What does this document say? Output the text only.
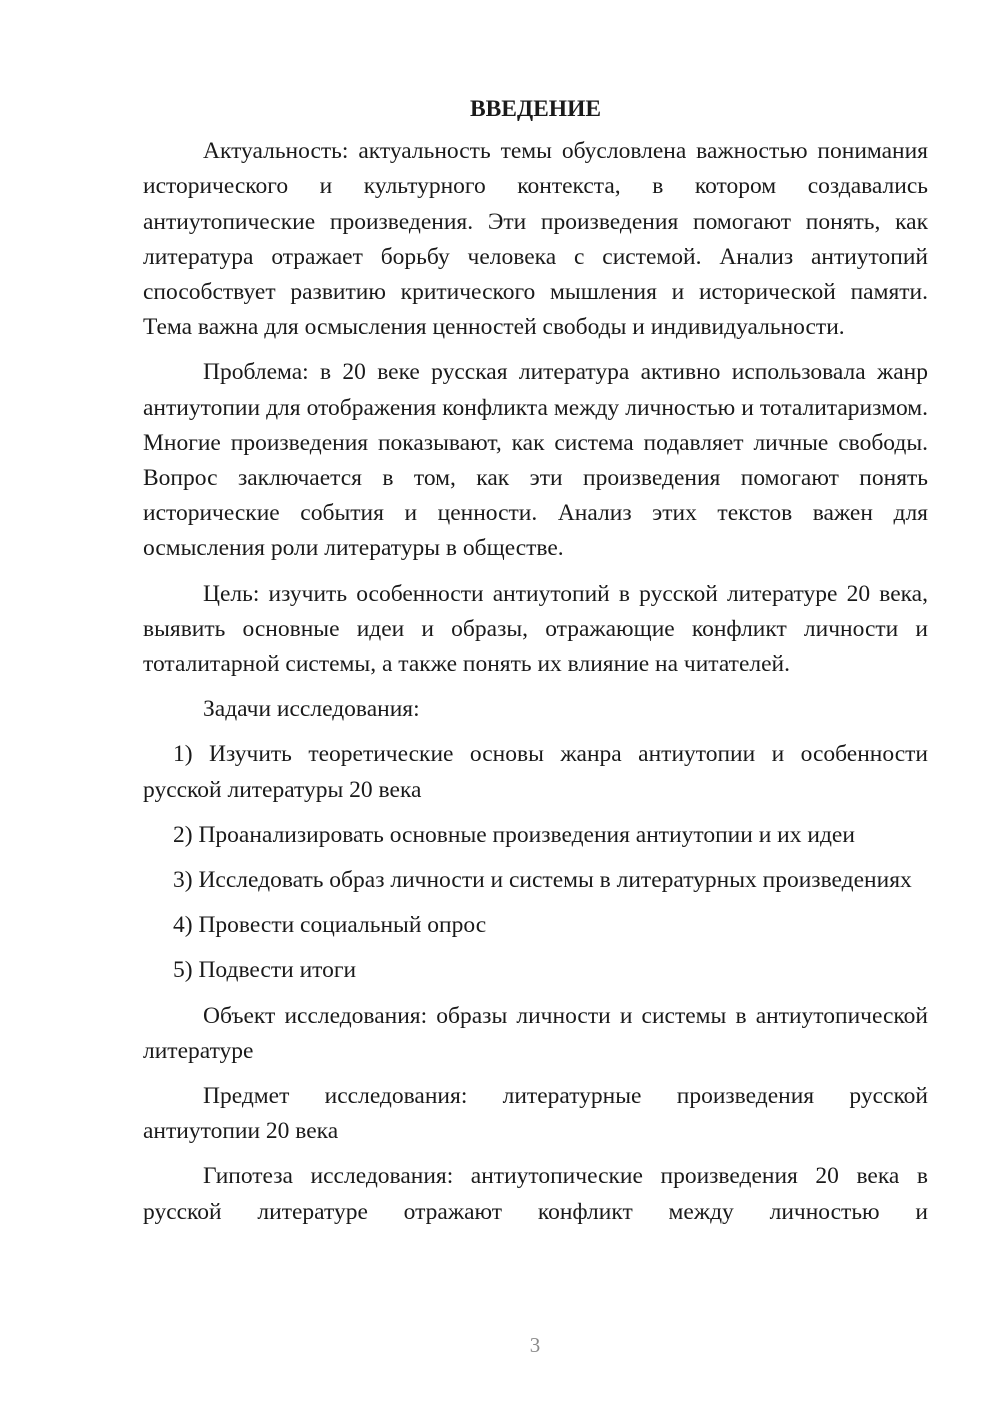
ВВЕДЕНИЕ

Актуальность: актуальность темы обусловлена важностью понимания исторического и культурного контекста, в котором создавались антиутопические произведения. Эти произведения помогают понять, как литература отражает борьбу человека с системой. Анализ антиутопий способствует развитию критического мышления и исторической памяти. Тема важна для осмысления ценностей свободы и индивидуальности.

Проблема: в 20 веке русская литература активно использовала жанр антиутопии для отображения конфликта между личностью и тоталитаризмом. Многие произведения показывают, как система подавляет личные свободы. Вопрос заключается в том, как эти произведения помогают понять исторические события и ценности. Анализ этих текстов важен для осмысления роли литературы в обществе.

Цель: изучить особенности антиутопий в русской литературе 20 века, выявить основные идеи и образы, отражающие конфликт личности и тоталитарной системы, а также понять их влияние на читателей.

Задачи исследования:

1) Изучить теоретические основы жанра антиутопии и особенности русской литературы 20 века

2) Проанализировать основные произведения антиутопии и их идеи

3) Исследовать образ личности и системы в литературных произведениях

4) Провести социальный опрос

5) Подвести итоги

Объект исследования: образы личности и системы в антиутопической литературе

Предмет исследования: литературные произведения русской антиутопии 20 века

Гипотеза исследования: антиутопические произведения 20 века в русской литературе отражают конфликт между личностью и

3
